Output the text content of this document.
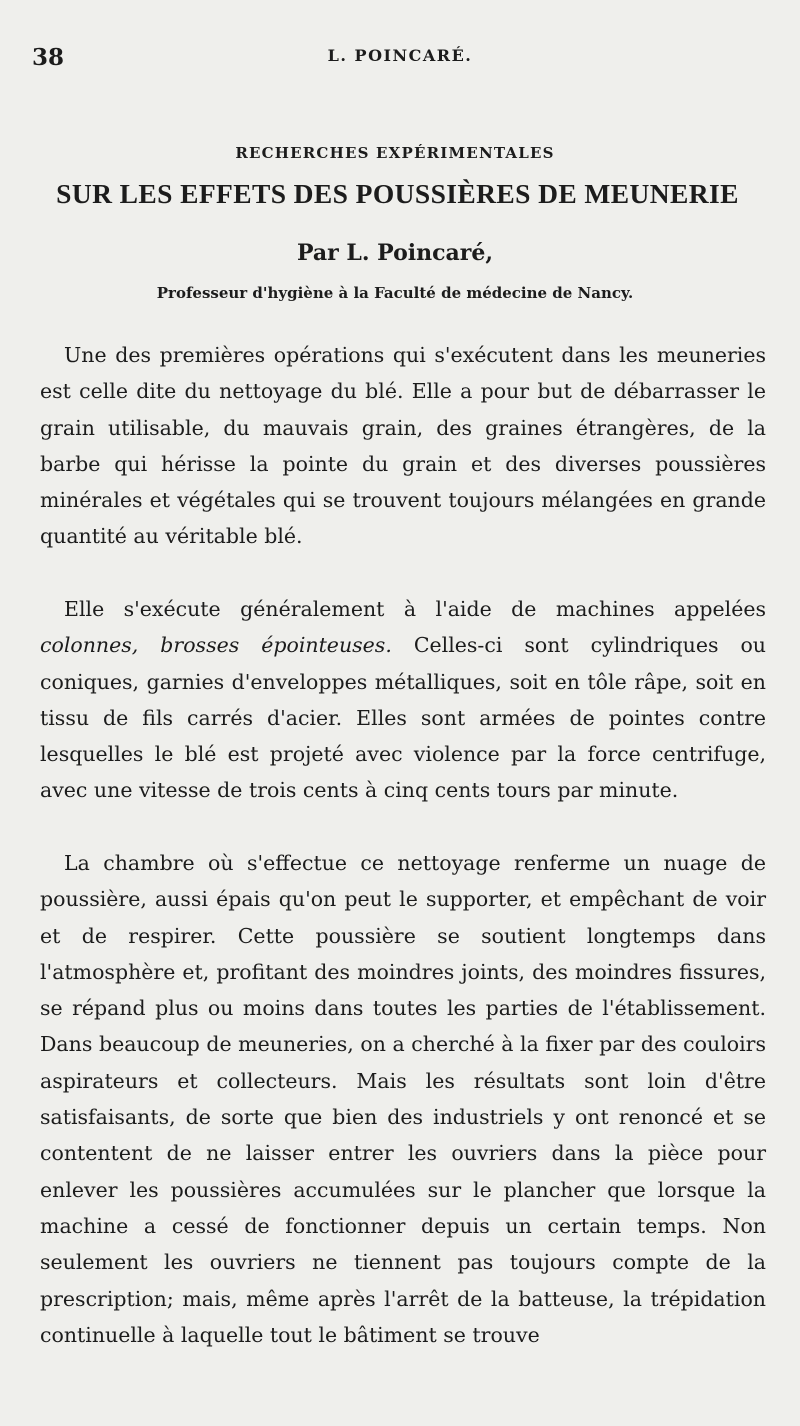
38	L. POINCARÉ.
RECHERCHES EXPÉRIMENTALES
SUR LES EFFETS DES POUSSIÈRES DE MEUNERIE
Par L. Poincaré,
Professeur d'hygiène à la Faculté de médecine de Nancy.

Une des premières opérations qui s'exécutent dans les meuneries est celle dite du nettoyage du blé. Elle a pour but de débarrasser le grain utilisable, du mauvais grain, des graines étrangères, de la barbe qui hérisse la pointe du grain et des diverses poussières minérales et végétales qui se trouvent toujours mélangées en grande quantité au véritable blé.

Elle s'exécute généralement à l'aide de machines appelées colonnes, brosses épointeuses. Celles-ci sont cylindriques ou coniques, garnies d'enveloppes métalliques, soit en tôle râpe, soit en tissu de fils carrés d'acier. Elles sont armées de pointes contre lesquelles le blé est projeté avec violence par la force centrifuge, avec une vitesse de trois cents à cinq cents tours par minute.

La chambre où s'effectue ce nettoyage renferme un nuage de poussière, aussi épais qu'on peut le supporter, et empêchant de voir et de respirer. Cette poussière se soutient longtemps dans l'atmosphère et, profitant des moindres joints, des moindres fissures, se répand plus ou moins dans toutes les parties de l'établissement. Dans beaucoup de meuneries, on a cherché à la fixer par des couloirs aspirateurs et collecteurs. Mais les résultats sont loin d'être satisfaisants, de sorte que bien des industriels y ont renoncé et se contentent de ne laisser entrer les ouvriers dans la pièce pour enlever les poussières accumulées sur le plancher que lorsque la machine a cessé de fonctionner depuis un certain temps. Non seulement les ouvriers ne tiennent pas toujours compte de la prescription; mais, même après l'arrêt de la batteuse, la trépidation continuelle à laquelle tout le bâtiment se trouve
